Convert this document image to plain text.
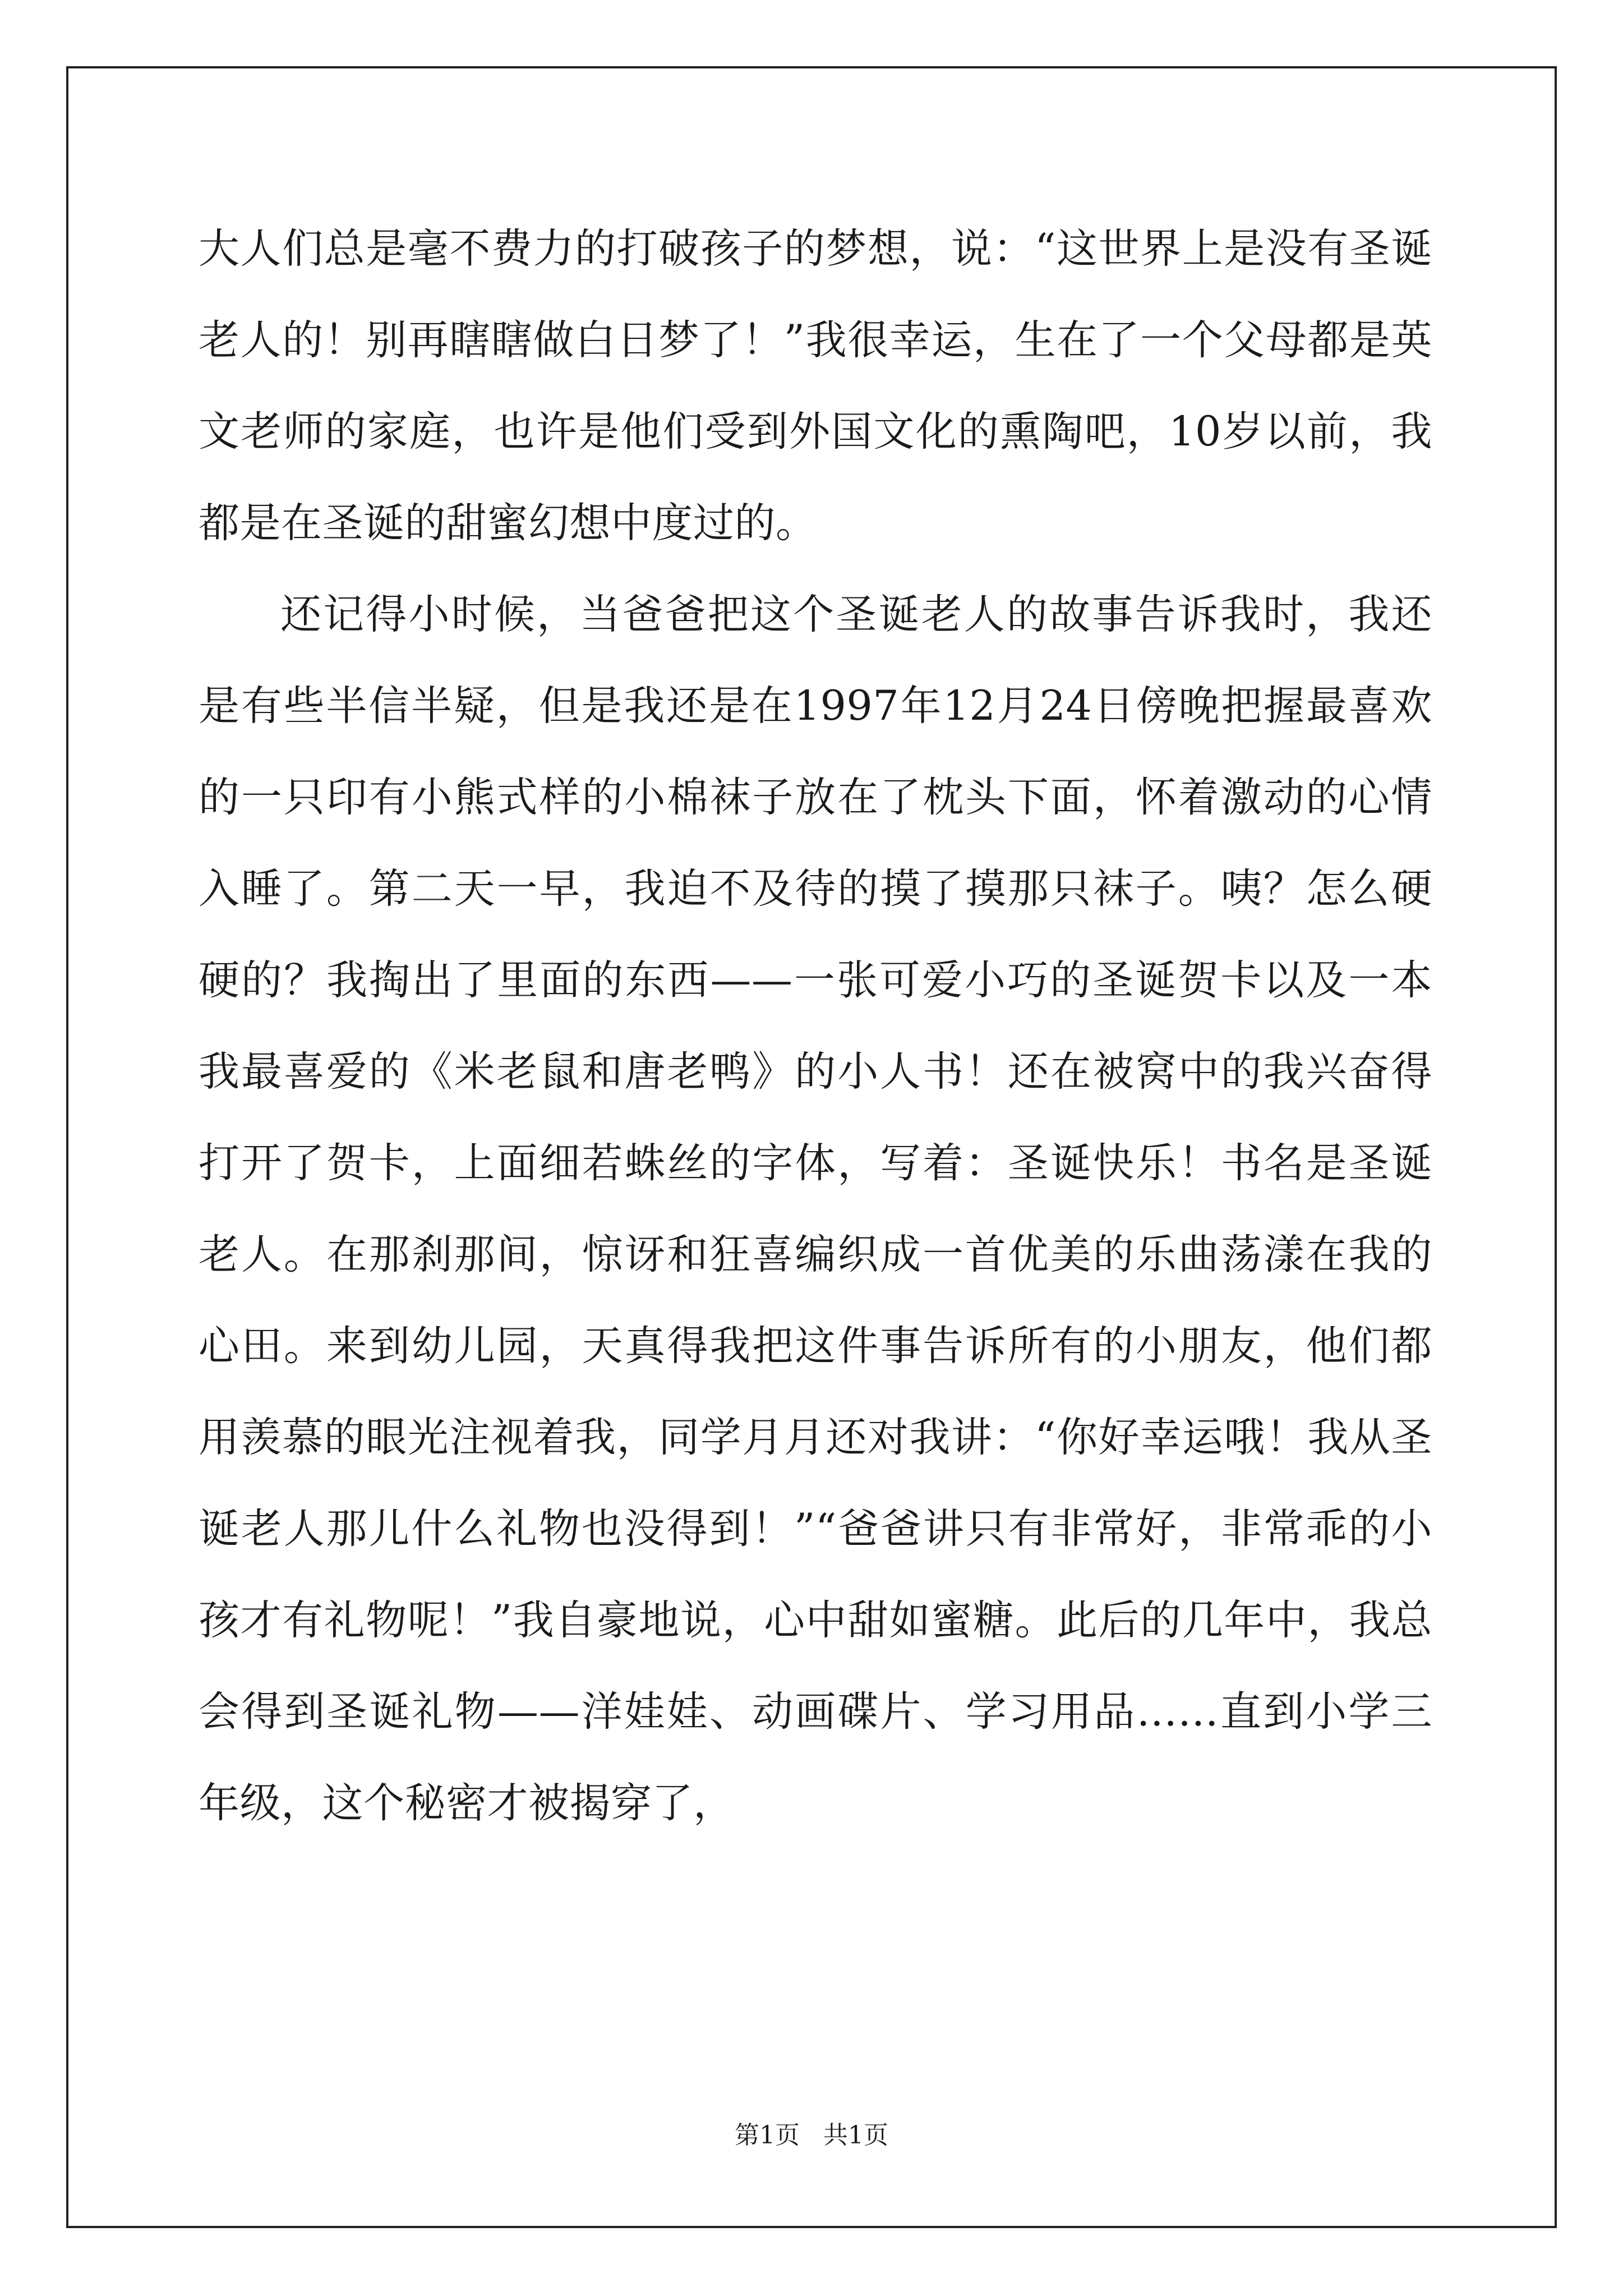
大人们总是毫不费力的打破孩子的梦想，说：“这世界上是没有圣诞老人的！别再瞎瞎做白日梦了！”我很幸运，生在了一个父母都是英文老师的家庭，也许是他们受到外国文化的熏陶吧，10岁以前，我都是在圣诞的甜蜜幻想中度过的。

还记得小时候，当爸爸把这个圣诞老人的故事告诉我时，我还是有些半信半疑，但是我还是在1997年12月24日傍晚把握最喜欢的一只印有小熊式样的小棉袜子放在了枕头下面，怀着激动的心情入睡了。第二天一早，我迫不及待的摸了摸那只袜子。咦？怎么硬硬的？我掏出了里面的东西——一张可爱小巧的圣诞贺卡以及一本我最喜爱的《米老鼠和唐老鸭》的小人书！还在被窝中的我兴奋得打开了贺卡，上面细若蛛丝的字体，写着：圣诞快乐！书名是圣诞老人。在那刹那间，惊讶和狂喜编织成一首优美的乐曲荡漾在我的心田。来到幼儿园，天真得我把这件事告诉所有的小朋友，他们都用羡慕的眼光注视着我，同学月月还对我讲：“你好幸运哦！我从圣诞老人那儿什么礼物也没得到！”“爸爸讲只有非常好，非常乖的小孩才有礼物呢！”我自豪地说，心中甜如蜜糖。此后的几年中，我总会得到圣诞礼物——洋娃娃、动画碟片、学习用品……直到小学三年级，这个秘密才被揭穿了，

第1页   共1页
